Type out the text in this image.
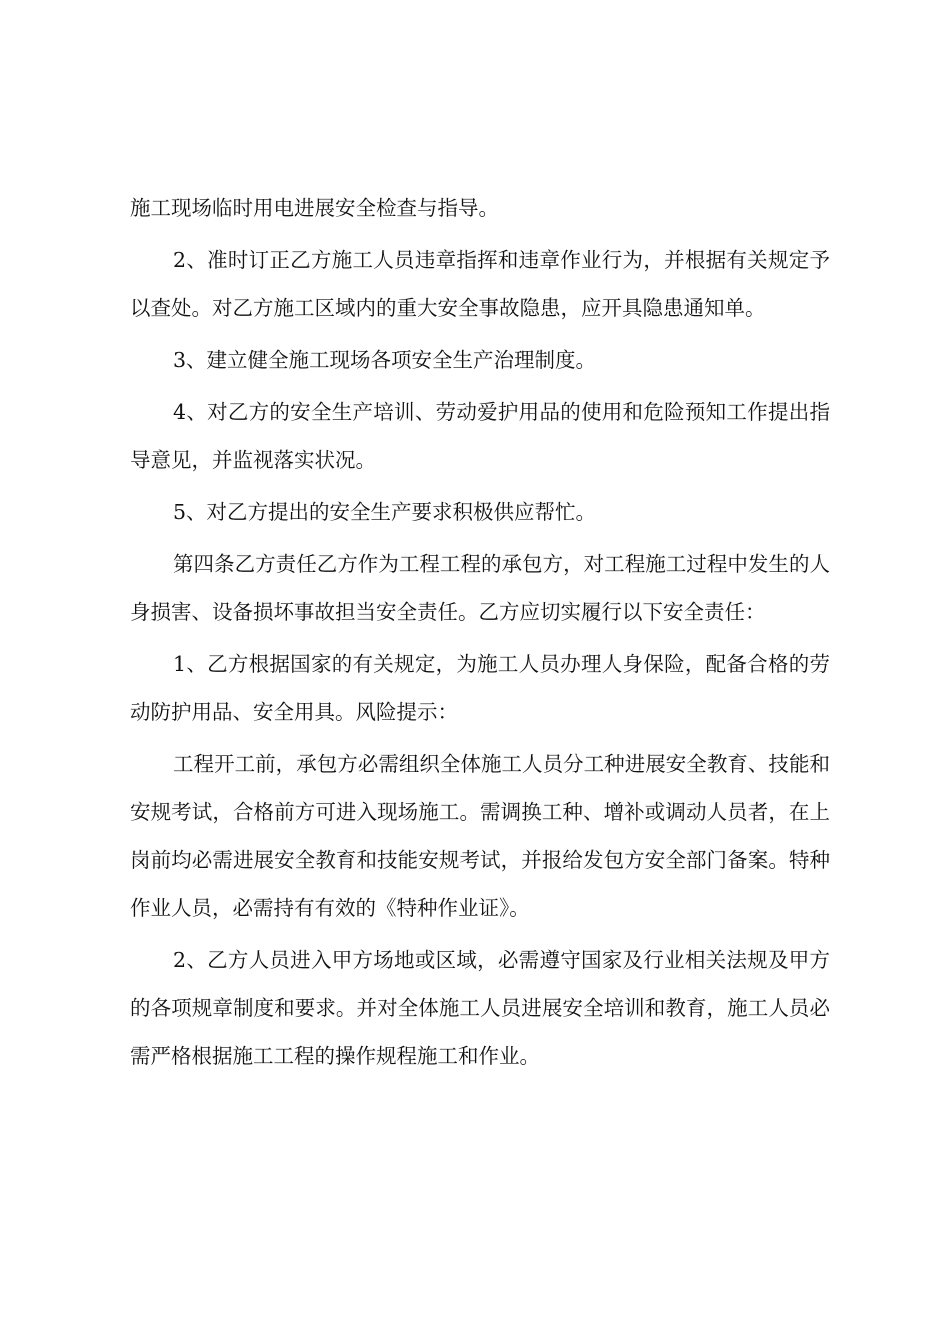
施工现场临时用电进展安全检查与指导。

2、准时订正乙方施工人员违章指挥和违章作业行为，并根据有关规定予以查处。对乙方施工区域内的重大安全事故隐患，应开具隐患通知单。

3、建立健全施工现场各项安全生产治理制度。

4、对乙方的安全生产培训、劳动爱护用品的使用和危险预知工作提出指导意见，并监视落实状况。

5、对乙方提出的安全生产要求积极供应帮忙。

第四条乙方责任乙方作为工程工程的承包方，对工程施工过程中发生的人身损害、设备损坏事故担当安全责任。乙方应切实履行以下安全责任：

1、乙方根据国家的有关规定，为施工人员办理人身保险，配备合格的劳动防护用品、安全用具。风险提示：

工程开工前，承包方必需组织全体施工人员分工种进展安全教育、技能和安规考试，合格前方可进入现场施工。需调换工种、增补或调动人员者，在上岗前均必需进展安全教育和技能安规考试，并报给发包方安全部门备案。特种作业人员，必需持有有效的《特种作业证》。

2、乙方人员进入甲方场地或区域，必需遵守国家及行业相关法规及甲方的各项规章制度和要求。并对全体施工人员进展安全培训和教育，施工人员必需严格根据施工工程的操作规程施工和作业。
